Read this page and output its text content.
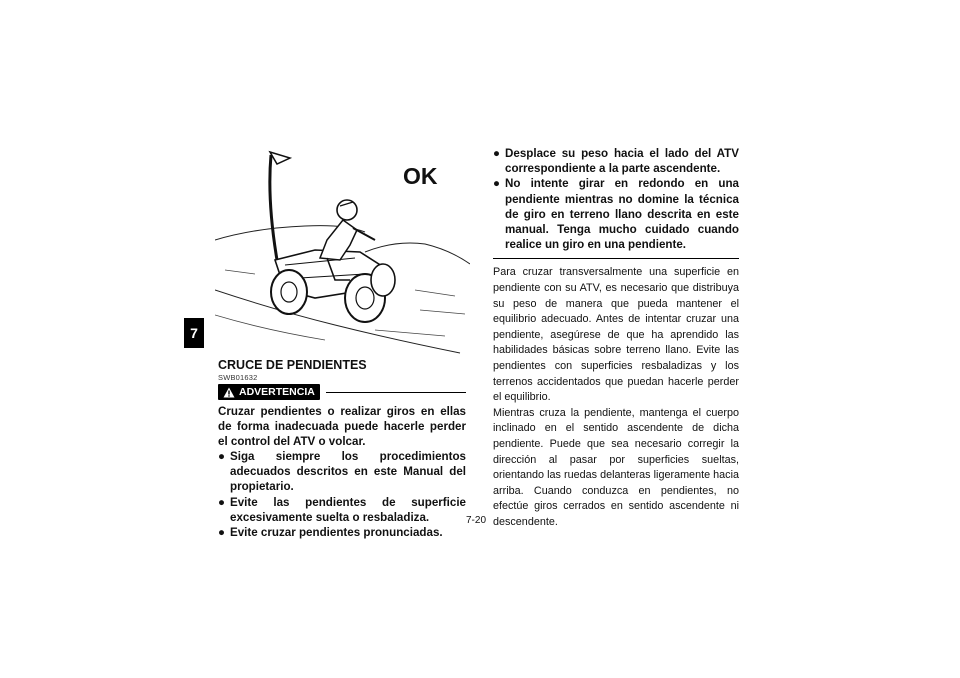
7
OK
CRUCE DE PENDIENTES
SWB01632
ADVERTENCIA

Cruzar pendientes o realizar giros en ellas de forma inadecuada puede hacerle perder el control del ATV o volcar.

● Siga siempre los procedimientos adecuados descritos en este Manual del propietario.
● Evite las pendientes de superficie excesivamente suelta o resbaladiza.
● Evite cruzar pendientes pronunciadas.
● Desplace su peso hacia el lado del ATV correspondiente a la parte ascendente.
● No intente girar en redondo en una pendiente mientras no domine la técnica de giro en terreno llano descrita en este manual. Tenga mucho cuidado cuando realice un giro en una pendiente.

Para cruzar transversalmente una superficie en pendiente con su ATV, es necesario que distribuya su peso de manera que pueda mantener el equilibrio adecuado. Antes de intentar cruzar una pendiente, asegúrese de que ha aprendido las habilidades básicas sobre terreno llano. Evite las pendientes con superficies resbaladizas y los terrenos accidentados que puedan hacerle perder el equilibrio.

Mientras cruza la pendiente, mantenga el cuerpo inclinado en el sentido ascendente de dicha pendiente. Puede que sea necesario corregir la dirección al pasar por superficies sueltas, orientando las ruedas delanteras ligeramente hacia arriba. Cuando conduzca en pendientes, no efectúe giros cerrados en sentido ascendente ni descendente.

7-20
